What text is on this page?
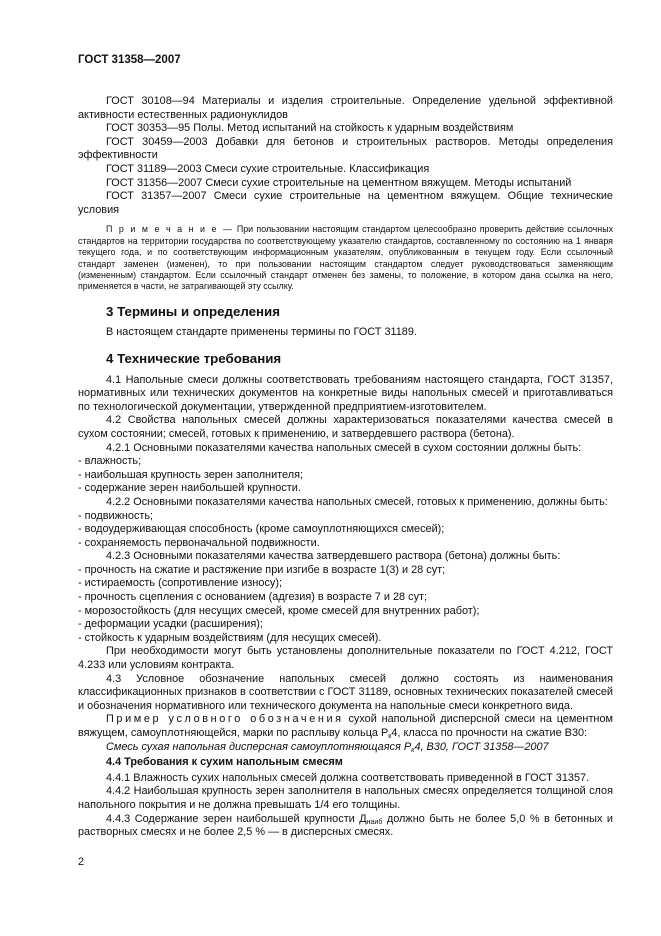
ГОСТ 31358—2007

ГОСТ 30108—94 Материалы и изделия строительные. Определение удельной эффективной активности естественных радионуклидов

ГОСТ 30353—95 Полы. Метод испытаний на стойкость к ударным воздействиям

ГОСТ 30459—2003 Добавки для бетонов и строительных растворов. Методы определения эффективности

ГОСТ 31189—2003 Смеси сухие строительные. Классификация

ГОСТ 31356—2007 Смеси сухие строительные на цементном вяжущем. Методы испытаний

ГОСТ 31357—2007 Смеси сухие строительные на цементном вяжущем. Общие технические условия

П р и м е ч а н и е — При пользовании настоящим стандартом целесообразно проверить действие ссылочных стандартов на территории государства по соответствующему указателю стандартов, составленному по состоянию на 1 января текущего года, и по соответствующим информационным указателям, опубликованным в текущем году. Если ссылочный стандарт заменен (изменен), то при пользовании настоящим стандартом следует руководствоваться заменяющим (измененным) стандартом. Если ссылочный стандарт отменен без замены, то положение, в котором дана ссылка на него, применяется в части, не затрагивающей эту ссылку.

3 Термины и определения

В настоящем стандарте применены термины по ГОСТ 31189.

4 Технические требования

4.1 Напольные смеси должны соответствовать требованиям настоящего стандарта, ГОСТ 31357, нормативных или технических документов на конкретные виды напольных смесей и приготавливаться по технологической документации, утвержденной предприятием-изготовителем.

4.2 Свойства напольных смесей должны характеризоваться показателями качества смесей в сухом состоянии; смесей, готовых к применению, и затвердевшего раствора (бетона).

4.2.1 Основными показателями качества напольных смесей в сухом состоянии должны быть:

- влажность;

- наибольшая крупность зерен заполнителя;

- содержание зерен наибольшей крупности.

4.2.2 Основными показателями качества напольных смесей, готовых к применению, должны быть:

- подвижность;

- водоудерживающая способность (кроме самоуплотняющихся смесей);

- сохраняемость первоначальной подвижности.

4.2.3 Основными показателями качества затвердевшего раствора (бетона) должны быть:

- прочность на сжатие и растяжение при изгибе в возрасте 1(3) и 28 сут;

- истираемость (сопротивление износу);

- прочность сцепления с основанием (адгезия) в возрасте 7 и 28 сут;

- морозостойкость (для несущих смесей, кроме смесей для внутренних работ);

- деформации усадки (расширения);

- стойкость к ударным воздействиям (для несущих смесей).

При необходимости могут быть установлены дополнительные показатели по ГОСТ 4.212, ГОСТ 4.233 или условиям контракта.

4.3 Условное обозначение напольных смесей должно состоять из наименования классификационных признаков в соответствии с ГОСТ 31189, основных технических показателей смесей и обозначения нормативного или технического документа на напольные смеси конкретного вида.

Пример условного обозначения сухой напольной дисперсной смеси на цементном вяжущем, самоуплотняющейся, марки по расплыву кольца $Р_к4$, класса по прочности на сжатие В30:

Смесь сухая напольная дисперсная самоуплотняющаяся $Р_к4$, В30, ГОСТ 31358—2007

4.4 Требования к сухим напольным смесям

4.4.1 Влажность сухих напольных смесей должна соответствовать приведенной в ГОСТ 31357.

4.4.2 Наибольшая крупность зерен заполнителя в напольных смесях определяется толщиной слоя напольного покрытия и не должна превышать 1/4 его толщины.

4.4.3 Содержание зерен наибольшей крупности $Д_{наиб}$ должно быть не более 5,0 % в бетонных и растворных смесях и не более 2,5 % — в дисперсных смесях.

2
